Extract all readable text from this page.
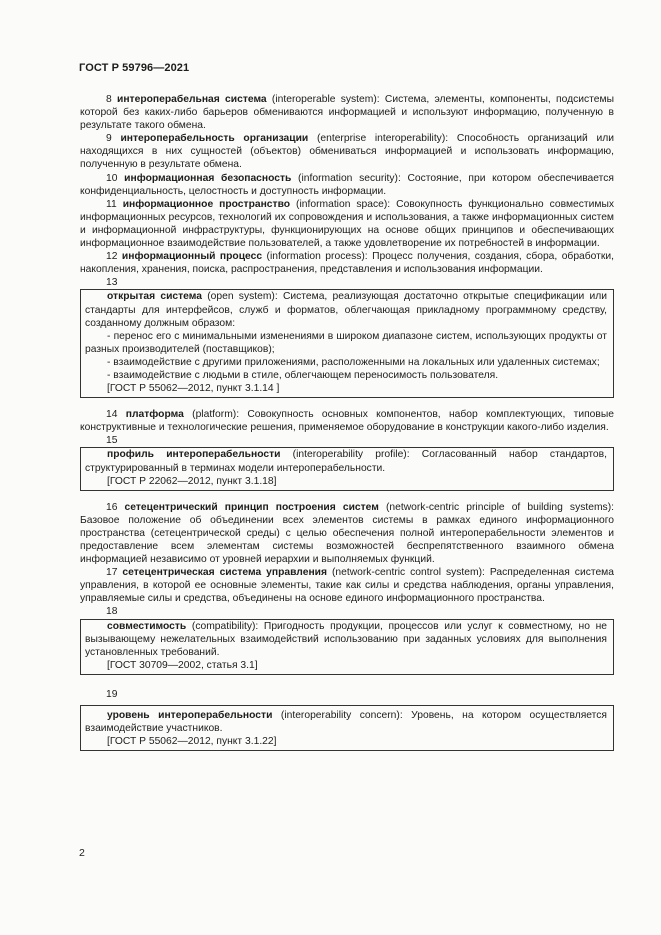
ГОСТ Р 59796—2021

8 интероперабельная система (interoperable system): Система, элементы, компоненты, подсистемы которой без каких-либо барьеров обмениваются информацией и используют информацию, полученную в результате такого обмена.

9 интероперабельность организации (enterprise interoperability): Способность организаций или находящихся в них сущностей (объектов) обмениваться информацией и использовать информацию, полученную в результате обмена.

10 информационная безопасность (information security): Состояние, при котором обеспечивается конфиденциальность, целостность и доступность информации.

11 информационное пространство (information space): Совокупность функционально совместимых информационных ресурсов, технологий их сопровождения и использования, а также информационных систем и информационной инфраструктуры, функционирующих на основе общих принципов и обеспечивающих информационное взаимодействие пользователей, а также удовлетворение их потребностей в информации.

12 информационный процесс (information process): Процесс получения, создания, сбора, обработки, накопления, хранения, поиска, распространения, представления и использования информации.

13

открытая система (open system): Система, реализующая достаточно открытые спецификации или стандарты для интерфейсов, служб и форматов, облегчающая прикладному программному средству, созданному должным образом:

- перенос его с минимальными изменениями в широком диапазоне систем, использующих продукты от разных производителей (поставщиков);

- взаимодействие с другими приложениями, расположенными на локальных или удаленных системах;

- взаимодействие с людьми в стиле, облегчающем переносимость пользователя.

[ГОСТ Р 55062—2012, пункт 3.1.14 ]

14 платформа (platform): Совокупность основных компонентов, набор комплектующих, типовые конструктивные и технологические решения, применяемое оборудование в конструкции какого-либо изделия.

15

профиль интероперабельности (interoperability profile): Согласованный набор стандартов, структурированный в терминах модели интероперабельности.

[ГОСТ Р 22062—2012, пункт 3.1.18]

16 сетецентрический принцип построения систем (network-centric principle of building systems): Базовое положение об объединении всех элементов системы в рамках единого информационного пространства (сетецентрической среды) с целью обеспечения полной интероперабельности элементов и предоставление всем элементам системы возможностей беспрепятственного взаимного обмена информацией независимо от уровней иерархии и выполняемых функций.

17 сетецентрическая система управления (network-centric control system): Распределенная система управления, в которой ее основные элементы, такие как силы и средства наблюдения, органы управления, управляемые силы и средства, объединены на основе единого информационного пространства.

18

совместимость (compatibility): Пригодность продукции, процессов или услуг к совместному, но не вызывающему нежелательных взаимодействий использованию при заданных условиях для выполнения установленных требований.

[ГОСТ 30709—2002, статья 3.1]

19

уровень интероперабельности (interoperability concern): Уровень, на котором осуществляется взаимодействие участников.

[ГОСТ Р 55062—2012, пункт 3.1.22]

2
